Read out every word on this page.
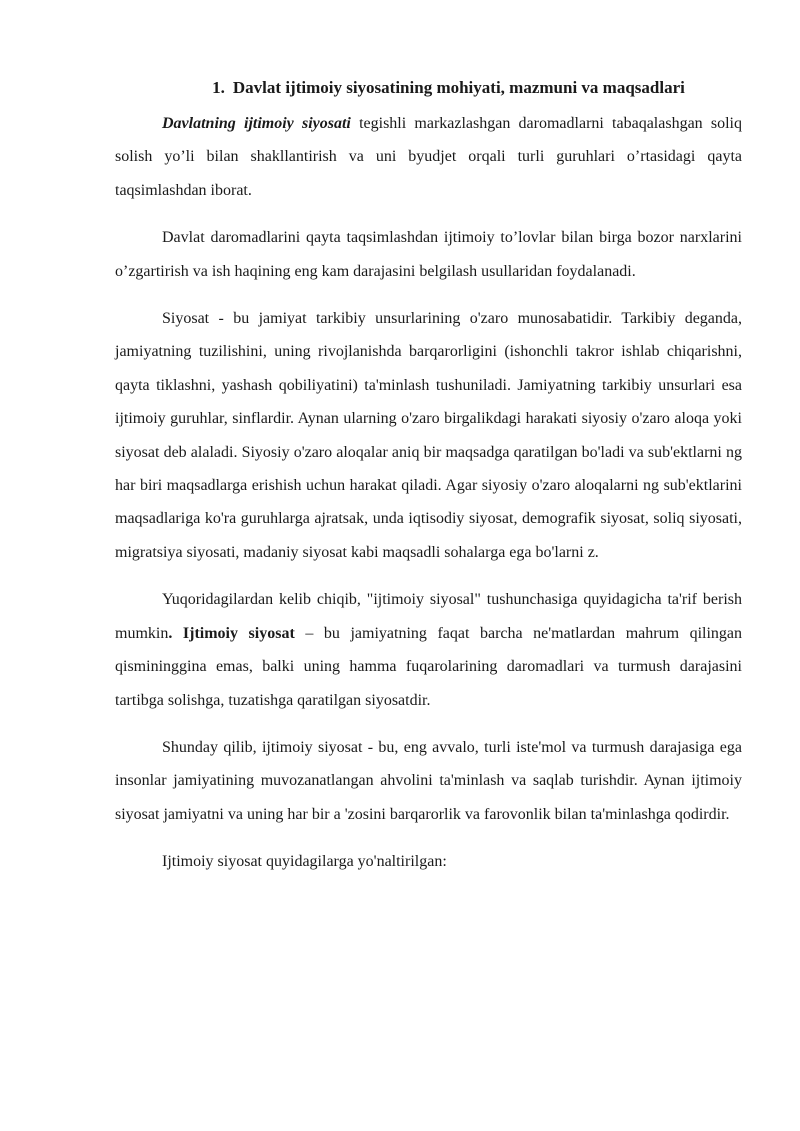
1. Davlat ijtimoiy siyosatining mohiyati, mazmuni va maqsadlari

Davlatning ijtimoiy siyosati tegishli markazlashgan daromadlarni tabaqalashgan soliq solish yo’li bilan shakllantirish va uni byudjet orqali turli guruhlari o’rtasidagi qayta taqsimlashdan iborat.

Davlat daromadlarini qayta taqsimlashdan ijtimoiy to’lovlar bilan birga bozor narxlarini o’zgartirish va ish haqining eng kam darajasini belgilash usullaridan foydalanadi.

Siyosat - bu jamiyat tarkibiy unsurlarining o'zaro munosabatidir. Tarkibiy deganda, jamiyatning tuzilishini, uning rivojlanishda barqarorligini (ishonchli takror ishlab chiqarishni, qayta tiklashni, yashash qobiliyatini) ta'minlash tushuniladi. Jamiyatning tarkibiy unsurlari esa ijtimoiy guruhlar, sinflardir. Aynan ularning o'zaro birgalikdagi harakati siyosiy o'zaro aloqa yoki siyosat deb alaladi. Siyosiy o'zaro aloqalar aniq bir maqsadga qaratilgan bo'ladi va sub'ektlarni ng har biri maqsadlarga erishish uchun harakat qiladi. Agar siyosiy o'zaro aloqalarni ng sub'ektlarini maqsadlariga ko'ra guruhlarga ajratsak, unda iqtisodiy siyosat, demografik siyosat, soliq siyosati, migratsiya siyosati, madaniy siyosat kabi maqsadli sohalarga ega bo'larni z.

Yuqoridagilardan kelib chiqib, "ijtimoiy siyosal" tushunchasiga quyidagicha ta'rif berish mumkin. Ijtimoiy siyosat – bu jamiyatning faqat barcha ne'matlardan mahrum qilingan qismininggina emas, balki uning hamma fuqarolarining daromadlari va turmush darajasini tartibga solishga, tuzatishga qaratilgan siyosatdir.

Shunday qilib, ijtimoiy siyosat - bu, eng avvalo, turli iste'mol va turmush darajasiga ega insonlar jamiyatining muvozanatlangan ahvolini ta'minlash va saqlab turishdir. Aynan ijtimoiy siyosat jamiyatni va uning har bir a 'zosini barqarorlik va farovonlik bilan ta'minlashga qodirdir.

Ijtimoiy siyosat quyidagilarga yo'naltirilgan:
